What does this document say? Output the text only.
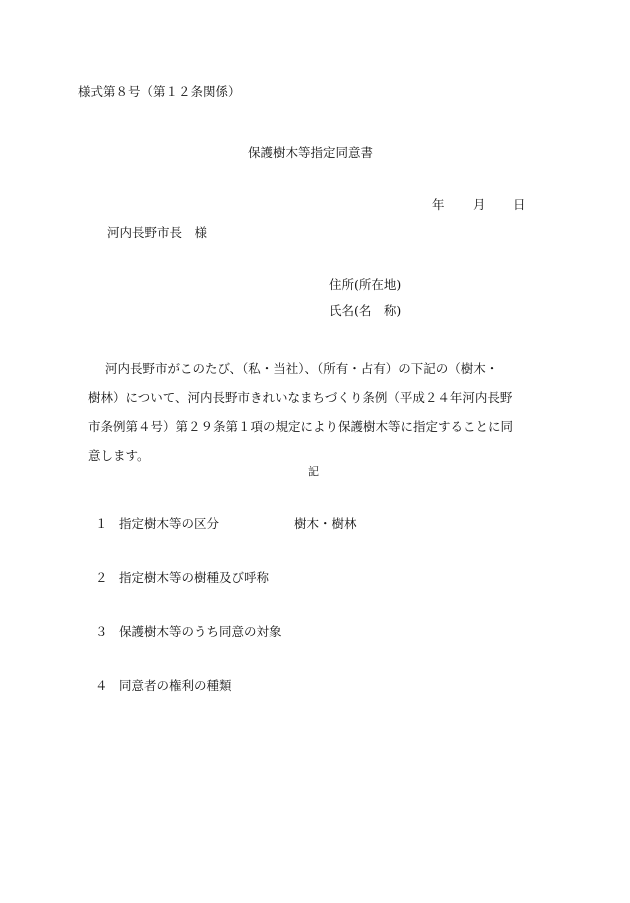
様式第８号（第１２条関係）
保護樹木等指定同意書
年 月 日
河内長野市長　様
住所(所在地)
氏名(名　称)
河内長野市がこのたび、（私・当社）、（所有・占有）の下記の（樹木・
樹林）について、河内長野市きれいなまちづくり条例（平成２４年河内長野
市条例第４号）第２９条第１項の規定により保護樹木等に指定することに同
意します。
記
１ 指定樹木等の区分	樹木・樹林
２ 指定樹木等の樹種及び呼称
３ 保護樹木等のうち同意の対象
４ 同意者の権利の種類
